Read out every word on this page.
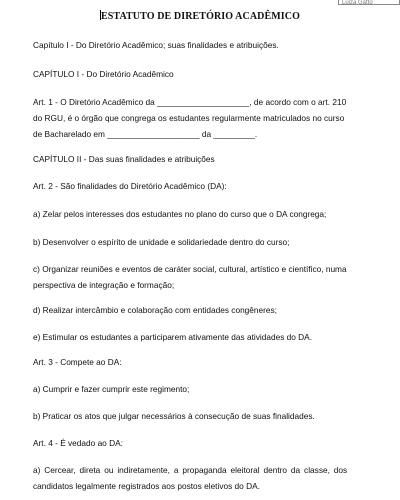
Luiza Gatto
ESTATUTO DE DIRETÓRIO ACADÊMICO
Capítulo I - Do Diretório Acadêmico; suas finalidades e atribuições.
CAPÍTULO I - Do Diretório Acadêmico
Art. 1 - O Diretório Acadêmico da ____________________, de acordo com o art. 210
do RGU, é o órgão que congrega os estudantes regularmente matriculados no curso
de Bacharelado em ____________________ da _________.
CAPÍTULO II - Das suas finalidades e atribuições
Art. 2 - São finalidades do Diretório Acadêmico (DA):
a) Zelar pelos interesses dos estudantes no plano do curso que o DA congrega;
b) Desenvolver o espírito de unidade e solidariedade dentro do curso;
c) Organizar reuniões e eventos de caráter social, cultural, artístico e científico, numa
perspectiva de integração e formação;
d) Realizar intercâmbio e colaboração com entidades congêneres;
e) Estimular os estudantes a participarem ativamente das atividades do DA.
Art. 3 - Compete ao DA:
a) Cumprir e fazer cumprir este regimento;
b) Praticar os atos que julgar necessários à consecução de suas finalidades.
Art. 4 - É vedado ao DA:
a) Cercear, direta ou indiretamente, a propaganda eleitoral dentro da classe, dos
candidatos legalmente registrados aos postos eletivos do DA.
